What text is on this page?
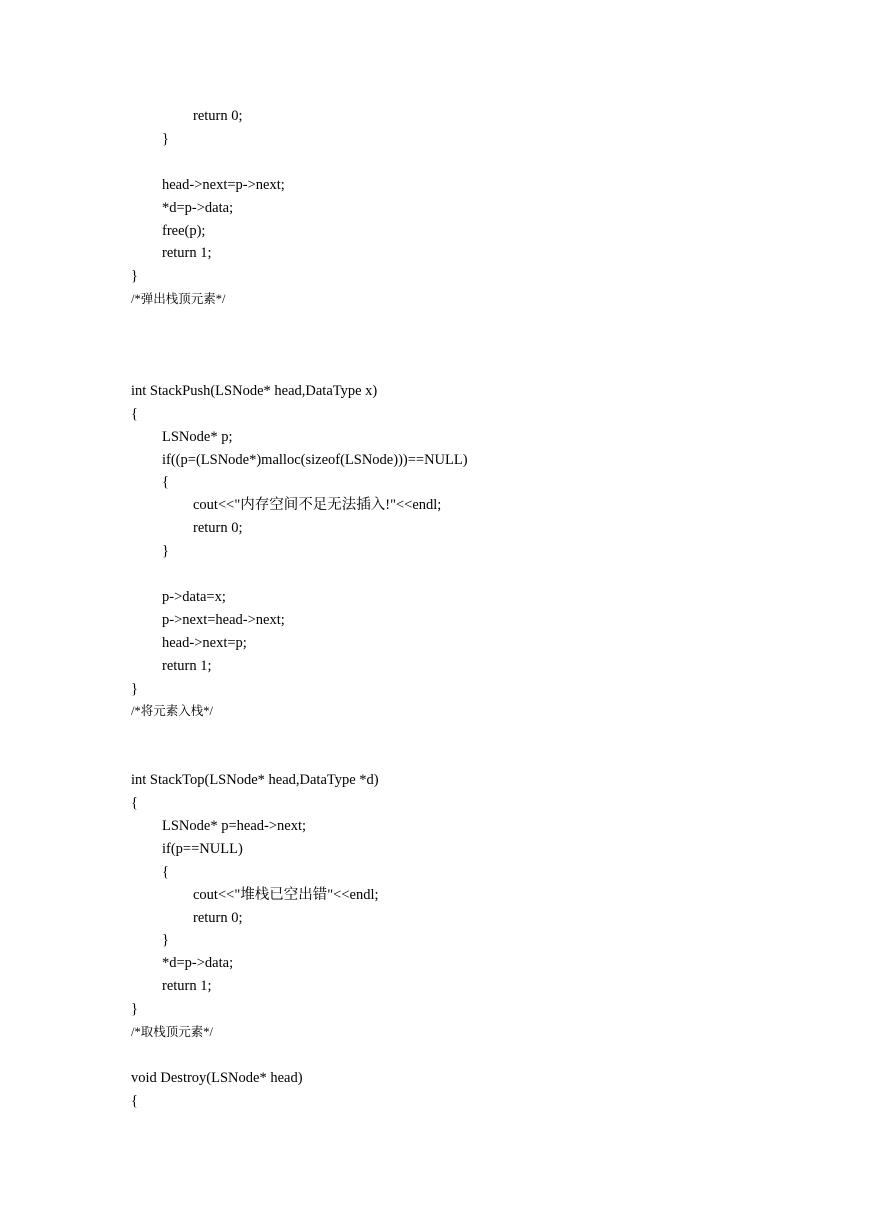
return 0;
}
head->next=p->next;
*d=p->data;
free(p);
return 1;
}
/*弹出栈顶元素*/
int StackPush(LSNode* head,DataType x)
{
LSNode* p;
if((p=(LSNode*)malloc(sizeof(LSNode)))==NULL)
{
cout<<"内存空间不足无法插入!"<<endl;
return 0;
}
p->data=x;
p->next=head->next;
head->next=p;
return 1;
}
/*将元素入栈*/
int StackTop(LSNode* head,DataType *d)
{
LSNode* p=head->next;
if(p==NULL)
{
cout<<"堆栈已空出错"<<endl;
return 0;
}
*d=p->data;
return 1;
}
/*取栈顶元素*/
void Destroy(LSNode* head)
{
